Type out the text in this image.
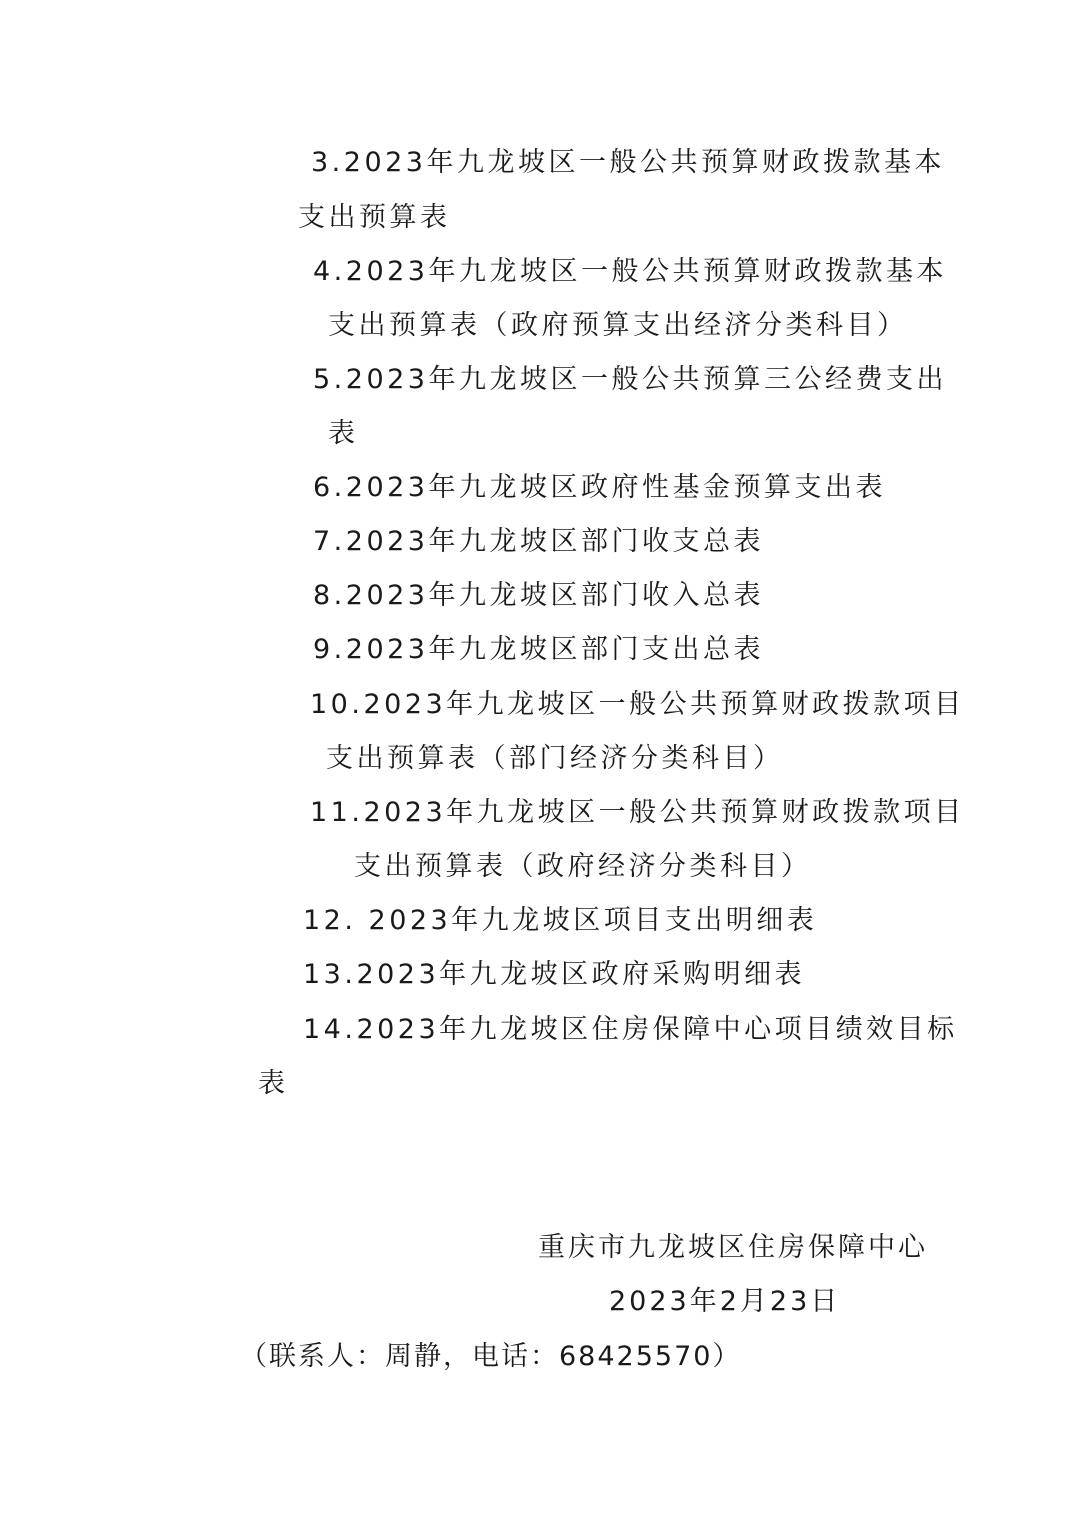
3.2023年九龙坡区一般公共预算财政拨款基本
支出预算表
4.2023年九龙坡区一般公共预算财政拨款基本
支出预算表（政府预算支出经济分类科目）
5.2023年九龙坡区一般公共预算三公经费支出
表
6.2023年九龙坡区政府性基金预算支出表
7.2023年九龙坡区部门收支总表
8.2023年九龙坡区部门收入总表
9.2023年九龙坡区部门支出总表
10.2023年九龙坡区一般公共预算财政拨款项目
支出预算表（部门经济分类科目）
11.2023年九龙坡区一般公共预算财政拨款项目
支出预算表（政府经济分类科目）
12. 2023年九龙坡区项目支出明细表
13.2023年九龙坡区政府采购明细表
14.2023年九龙坡区住房保障中心项目绩效目标
表
重庆市九龙坡区住房保障中心
2023年2月23日
（联系人：周静，电话：68425570）
